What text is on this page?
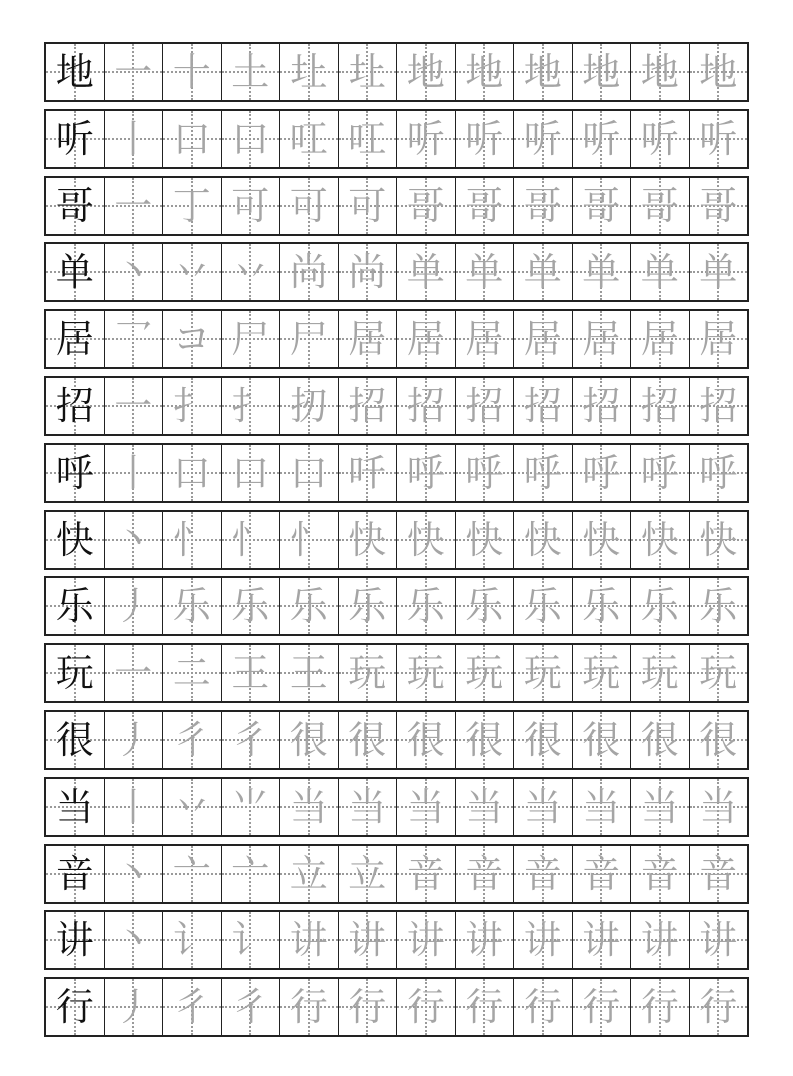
地 一 十 土 圵 圵 地 地 地 地 地 地
听 丨 口 口 叿 叿 听 听 听 听 听 听
哥 一 丁 可 可 可 哥 哥 哥 哥 哥 哥
单 丶 丷 丷 尚 尚 单 单 单 单 单 单
居 乛 コ 尸 尸 居 居 居 居 居 居 居
招 一 扌 扌 扨 招 招 招 招 招 招 招
呼 丨 口 口 口 吀 呼 呼 呼 呼 呼 呼
快 丶 忄 忄 忄 快 快 快 快 快 快 快
乐 丿 乐 乐 乐 乐 乐 乐 乐 乐 乐 乐
玩 一 二 王 王 玩 玩 玩 玩 玩 玩 玩
很 丿 彳 彳 很 很 很 很 很 很 很 很
当 丨 丷 ⺌ 当 当 当 当 当 当 当 当
音 丶 亠 亠 立 立 音 音 音 音 音 音
讲 丶 讠 讠 讲 讲 讲 讲 讲 讲 讲 讲
行 丿 彳 彳 行 行 行 行 行 行 行 行
